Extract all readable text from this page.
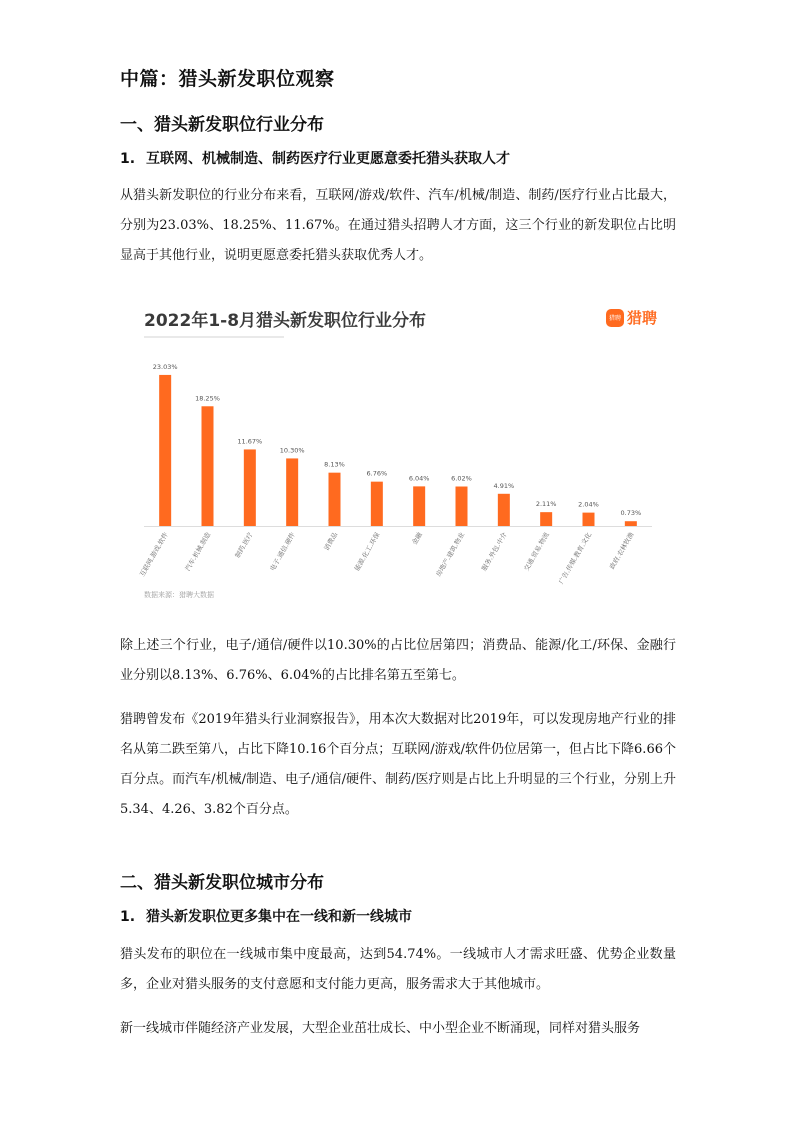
中篇：猎头新发职位观察
一、猎头新发职位行业分布
1. 互联网、机械制造、制药医疗行业更愿意委托猎头获取人才
从猎头新发职位的行业分布来看，互联网/游戏/软件、汽车/机械/制造、制药/医疗行业占比最大，分别为23.03%、18.25%、11.67%。在通过猎头招聘人才方面，这三个行业的新发职位占比明显高于其他行业，说明更愿意委托猎头获取优秀人才。
2022年1-8月猎头新发职位行业分布	猎聘 猎聘
23.03%
互联网.游戏.软件
18.25%
汽车.机械.制造
11.67%
制药.医疗
10.30%
电子.通信.硬件
8.13%
消费品
6.76%
能源.化工.环保
6.04%
金融
6.02%
房地产.建筑.物业
4.91%
服务.外包.中介
2.11%
交通.贸易.物流
2.04%
广告.传媒.教育.文化
0.73%
政府.农林牧渔
数据来源：猎聘大数据
除上述三个行业，电子/通信/硬件以10.30%的占比位居第四；消费品、能源/化工/环保、金融行业分别以8.13%、6.76%、6.04%的占比排名第五至第七。
猎聘曾发布《2019年猎头行业洞察报告》，用本次大数据对比2019年，可以发现房地产行业的排名从第二跌至第八，占比下降10.16个百分点；互联网/游戏/软件仍位居第一，但占比下降6.66个百分点。而汽车/机械/制造、电子/通信/硬件、制药/医疗则是占比上升明显的三个行业，分别上升5.34、4.26、3.82个百分点。
二、猎头新发职位城市分布
1. 猎头新发职位更多集中在一线和新一线城市
猎头发布的职位在一线城市集中度最高，达到54.74%。一线城市人才需求旺盛、优势企业数量多，企业对猎头服务的支付意愿和支付能力更高，服务需求大于其他城市。
新一线城市伴随经济产业发展，大型企业茁壮成长、中小型企业不断涌现，同样对猎头服务
